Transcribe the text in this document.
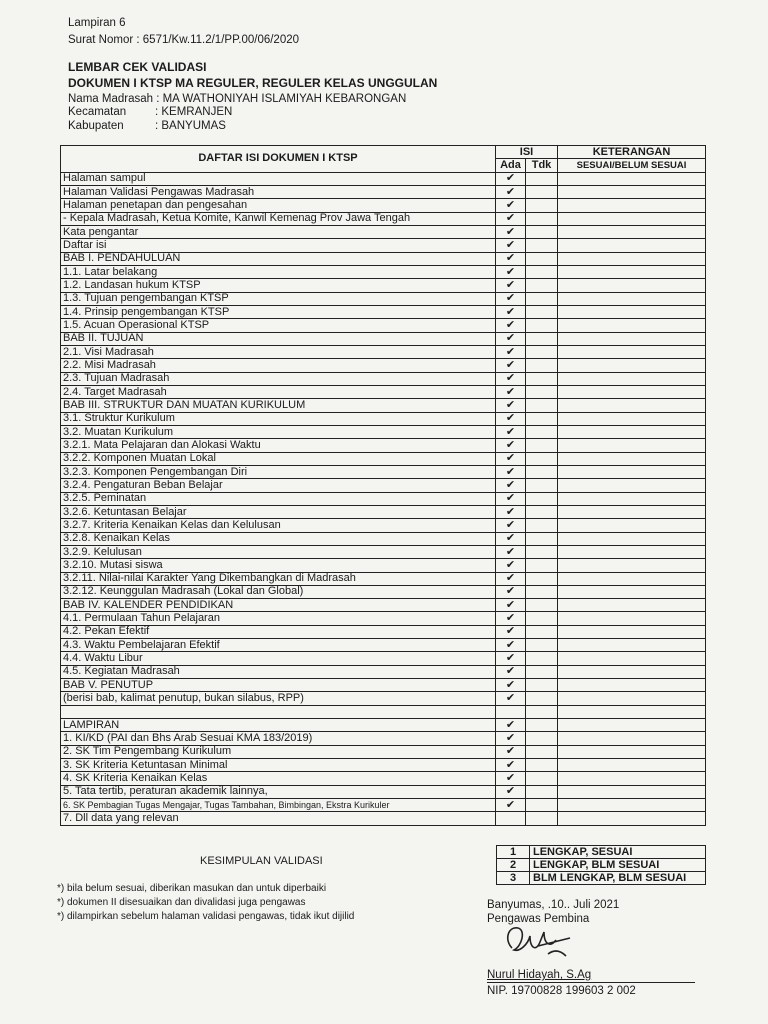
Lampiran 6
Surat Nomor : 6571/Kw.11.2/1/PP.00/06/2020
LEMBAR CEK VALIDASI
DOKUMEN I KTSP MA REGULER, REGULER KELAS UNGGULAN
Nama Madrasah : MA WATHONIYAH ISLAMIYAH KEBARONGAN
Kecamatan	: KEMRANJEN
Kabupaten	: BANYUMAS
DAFTAR ISI DOKUMEN I KTSP	ISI		KETERANGAN
	Ada	Tdk	SESUAI/BELUM SESUAI
Halaman sampul	✔		
Halaman Validasi Pengawas Madrasah	✔		
Halaman penetapan dan pengesahan	✔		
- Kepala Madrasah, Ketua Komite, Kanwil Kemenag Prov Jawa Tengah	✔		
Kata pengantar	✔		
Daftar isi	✔		
BAB I. PENDAHULUAN	✔		
1.1. Latar belakang	✔		
1.2. Landasan hukum KTSP	✔		
1.3. Tujuan pengembangan KTSP	✔		
1.4. Prinsip pengembangan KTSP	✔		
1.5. Acuan Operasional KTSP	✔		
BAB II. TUJUAN	✔		
2.1. Visi Madrasah	✔		
2.2. Misi Madrasah	✔		
2.3. Tujuan Madrasah	✔		
2.4. Target Madrasah	✔		
BAB III. STRUKTUR DAN MUATAN KURIKULUM	✔		
3.1. Struktur Kurikulum	✔		
3.2. Muatan Kurikulum	✔		
3.2.1. Mata Pelajaran dan Alokasi Waktu	✔		
3.2.2. Komponen Muatan Lokal	✔		
3.2.3. Komponen Pengembangan Diri	✔		
3.2.4. Pengaturan Beban Belajar	✔		
3.2.5. Peminatan	✔		
3.2.6. Ketuntasan Belajar	✔		
3.2.7. Kriteria Kenaikan Kelas dan Kelulusan	✔		
3.2.8. Kenaikan Kelas	✔		
3.2.9. Kelulusan	✔		
3.2.10. Mutasi siswa	✔		
3.2.11. Nilai-nilai Karakter Yang Dikembangkan di Madrasah	✔		
3.2.12. Keunggulan Madrasah (Lokal dan Global)	✔		
BAB IV. KALENDER PENDIDIKAN	✔		
4.1. Permulaan Tahun Pelajaran	✔		
4.2. Pekan Efektif	✔		
4.3. Waktu Pembelajaran Efektif	✔		
4.4. Waktu Libur	✔		
4.5. Kegiatan Madrasah	✔		
BAB V. PENUTUP	✔		
(berisi bab, kalimat penutup, bukan silabus, RPP)	✔		

LAMPIRAN	✔		
1. KI/KD (PAI dan Bhs Arab Sesuai KMA 183/2019)	✔		
2. SK Tim Pengembang Kurikulum	✔		
3. SK Kriteria Ketuntasan Minimal	✔		
4. SK Kriteria Kenaikan Kelas	✔		
5. Tata tertib, peraturan akademik lainnya,	✔		
6. SK Pembagian Tugas Mengajar, Tugas Tambahan, Bimbingan, Ekstra Kurikuler	✔		
7. Dll data yang relevan			
KESIMPULAN VALIDASI
1	LENGKAP, SESUAI
2	LENGKAP, BLM SESUAI
3	BLM LENGKAP, BLM SESUAI
*) bila belum sesuai, diberikan masukan dan untuk diperbaiki
*) dokumen II disesuaikan dan divalidasi juga pengawas
*) dilampirkan sebelum halaman validasi pengawas, tidak ikut dijilid
Banyumas, .10.. Juli 2021
Pengawas Pembina
Nurul Hidayah, S.Ag
NIP. 19700828 199603 2 002
